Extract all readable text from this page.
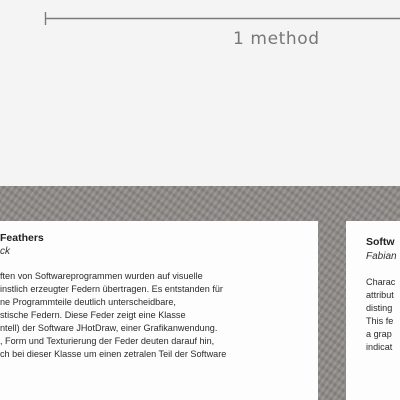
1 method
Feathers
ck
ften von Softwareprogrammen wurden auf visuelle
instlich erzeugter Federn übertragen. Es entstanden für
ne Programmteile deutlich unterscheidbare,
stische Federn. Diese Feder zeigt eine Klasse
ntell) der Software JHotDraw, einer Grafikanwendung.
, Form und Texturierung der Feder deuten darauf hin,
ch bei dieser Klasse um einen zetralen Teil der Software
Softw
Fabian
Charac
attribut
disting
This fe
a grap
indicat
